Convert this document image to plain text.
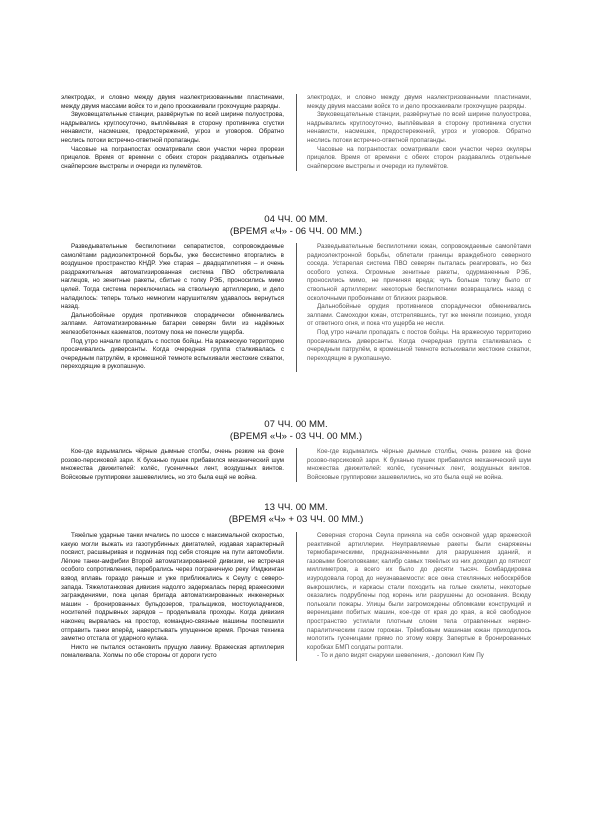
электродах, и словно между двумя наэлектризованными пластинами, между двумя массами войск то и дело проскакивали грохочущие разряды.

Звуковещательные станции, развёрнутые по всей ширине полуострова, надрывались круглосуточно, выплёвывая в сторону противника сгустки ненависти, насмешек, предостережений, угроз и уговоров. Обратно неслись потоки встречно-ответной пропаганды.

Часовые на погранпостах осматривали свои участки через прорези прицелов. Время от времени с обеих сторон раздавались отдельные снайперские выстрелы и очереди из пулемётов.

электродах, и словно между двумя наэлектризованными пластинами, между двумя массами войск то и дело проскакивали грохочущие разряды.

Звуковещательные станции, развёрнутые по всей ширине полуострова, надрывались круглосуточно, выплёвывая в сторону противника сгустки ненависти, насмешек, предостережений, угроз и уговоров. Обратно неслись потоки встречно-ответной пропаганды.

Часовые на погранпостах осматривали свои участки через окуляры прицелов. Время от времени с обеих сторон раздавались отдельные снайперские выстрелы и очереди из пулемётов.

04 ЧЧ. 00 ММ.
(ВРЕМЯ «Ч» - 06 ЧЧ. 00 ММ.)

Разведывательные беспилотники сепаратистов, сопровождаемые самолётами радиоэлектронной борьбы, уже бессистемно вторгались в воздушное пространство КНДР. Уже старая – двадцатилетняя – и очень раздражительная автоматизированная система ПВО обстреливала наглецов, но зенитные ракеты, сбитые с толку РЭБ, проносились мимо целей. Тогда система переключилась на ствольную артиллерию, и дело наладилось: теперь только немногим нарушителям удавалось вернуться назад.

Дальнобойные орудия противников спорадически обменивались залпами. Автоматизированные батареи северян били из надёжных железобетонных казематов, поэтому пока не понесли ущерба.

Под утро начали пропадать с постов бойцы. На вражескую территорию просачивались диверсанты. Когда очередная группа сталкивалась с очередным патрулём, в кромешной темноте вспыхивали жестокие схватки, переходящие в рукопашную.

Разведывательные беспилотники южан, сопровождаемые самолётами радиоэлектронной борьбы, облетали границы враждебного северного соседа. Устарелая система ПВО северян пыталась реагировать, но без особого успеха. Огромные зенитные ракеты, одурманенные РЭБ, проносились мимо, не причиняя вреда; чуть больше толку было от ствольной артиллерии: некоторые беспилотники возвращались назад с осколочными пробоинами от близких разрывов.

Дальнобойные орудия противников спорадически обменивались залпами. Самоходки южан, отстрелявшись, тут же меняли позицию, уходя от ответного огня, и пока что ущерба не несли.

Под утро начали пропадать с постов бойцы. На вражескую территорию просачивались диверсанты. Когда очередная группа сталкивалась с очередным патрулём, в кромешной темноте вспыхивали жестокие схватки, переходящие в рукопашную.

07 ЧЧ. 00 ММ.
(ВРЕМЯ «Ч» - 03 ЧЧ. 00 ММ.)

Кое-где вздымались чёрные дымные столбы, очень резкие на фоне розово-персиковой зари. К буханью пушек прибавился механический шум множества движителей: колёс, гусеничных лент, воздушных винтов. Войсковые группировки зашевелились, но это была ещё не война.

Кое-где вздымались чёрные дымные столбы, очень резкие на фоне розово-персиковой зари. К буханью пушек прибавился механический шум множества движителей: колёс, гусеничных лент, воздушных винтов. Войсковые группировки зашевелились, но это была ещё не война.

13 ЧЧ. 00 ММ.
(ВРЕМЯ «Ч» + 03 ЧЧ. 00 ММ.)

Тяжёлые ударные танки мчались по шоссе с максимальной скоростью, какую могли выжать из газотурбинных двигателей, издавая характерный посвист, расшвыривая и подминая под себя стоящие на пути автомобили. Лёгкие танки-амфибии Второй автоматизированной дивизии, не встречая особого сопротивления, перебрались через пограничную реку Имджинган взвод вплавь гораздо раньше и уже приближались к Сеулу с северо-запада. Тяжелотанковая дивизия надолго задержалась перед вражескими заграждениями, пока целая бригада автоматизированных инженерных машин - бронированных бульдозеров, тральщиков, мостоукладчиков, носителей подрывных зарядов – проделывала проходы. Когда дивизия наконец вырвалась на простор, командно-связные машины поспешили отправить танки вперёд, наверстывать упущенное время. Прочая техника заметно отстала от ударного кулака.

Никто не пытался остановить прущую лавину. Вражеская артиллерия помалкивала. Холмы по обе стороны от дороги густо

Северная сторона Сеула приняла на себя основной удар вражеской реактивной артиллерии. Неуправляемые ракеты были снаряжены термобарическими, предназначенными для разрушения зданий, и газовыми боеголовками; калибр самых тяжёлых из них доходил до пятисот миллиметров, а всего их было до десяти тысяч. Бомбардировка изуродовала город до неузнаваемости: все окна стеклянных небоскрёбов выкрошились, и каркасы стали походить на голые скелеты, некоторые оказались подрублены под корень или разрушены до основания. Всюду полыхали пожары. Улицы были загромождены обломками конструкций и вереницами побитых машин, кое-где от края до края, а всё свободное пространство устилали плотным слоем тела отравленных нервно-паралитическим газом горожан. Трёмбовым машинам южан приходилось молотить гусеницами прямо по этому ковру. Запертые в бронированных коробках БМП солдаты роптали.

- То и дело видят снаружи шевеления, - доложил Ким Пу
